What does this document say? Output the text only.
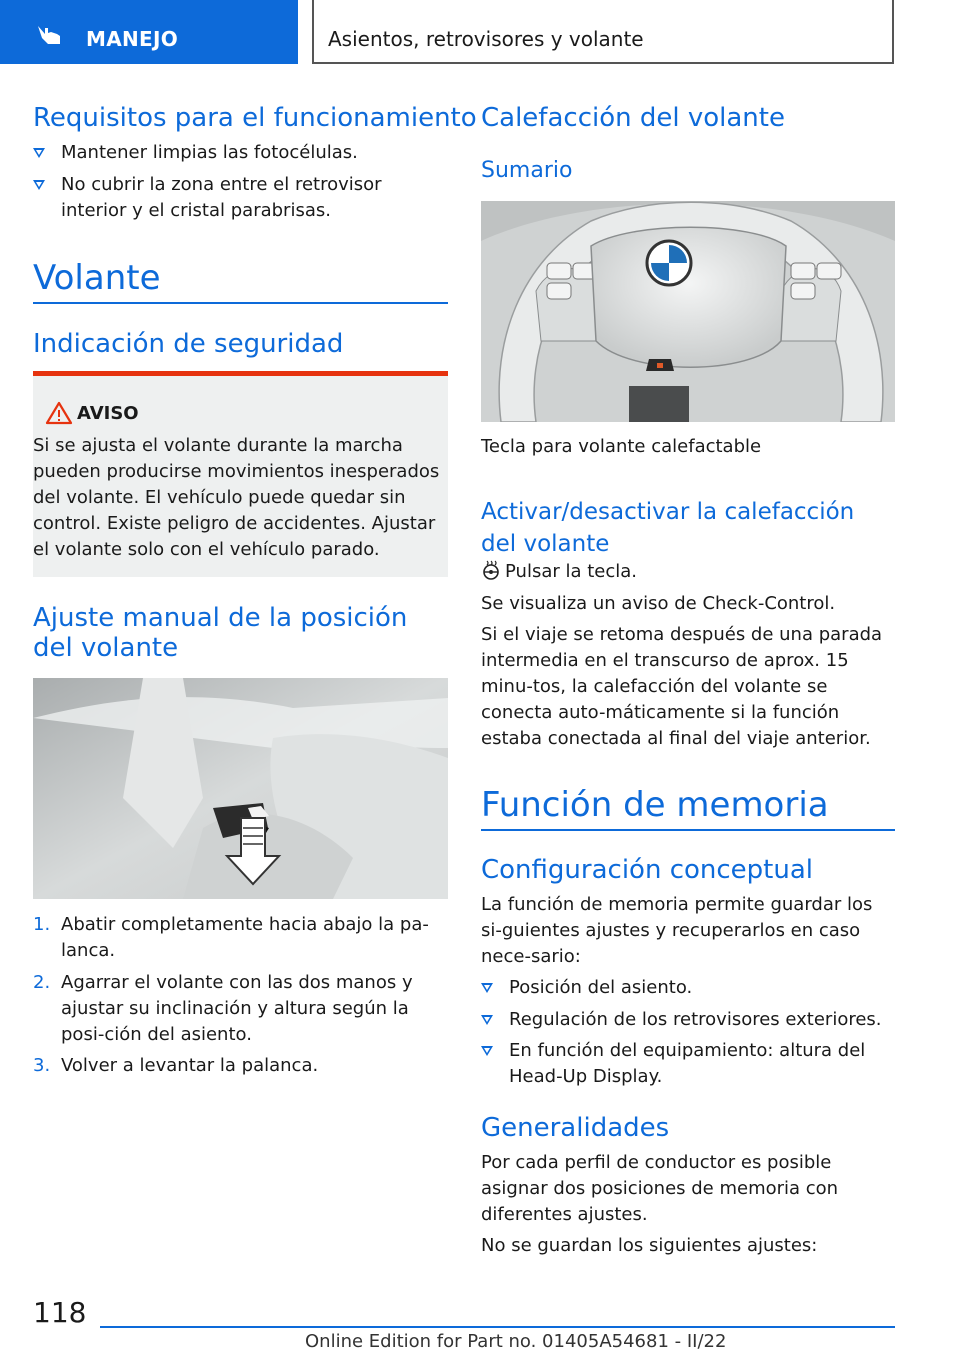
MANEJO	Asientos, retrovisores y volante
Requisitos para el funcionamiento
Mantener limpias las fotocélulas.
No cubrir la zona entre el retrovisor interior y el cristal parabrisas.
Volante
Indicación de seguridad
AVISO
Si se ajusta el volante durante la marcha pueden producirse movimientos inesperados del volante. El vehículo puede quedar sin control. Existe peligro de accidentes. Ajustar el volante solo con el vehículo parado.
Ajuste manual de la posición del volante
1. Abatir completamente hacia abajo la pa-lanca.
2. Agarrar el volante con las dos manos y ajustar su inclinación y altura según la posi-ción del asiento.
3. Volver a levantar la palanca.
Calefacción del volante
Sumario
Tecla para volante calefactable
Activar/desactivar la calefacción del volante
Pulsar la tecla.
Se visualiza un aviso de Check-Control.
Si el viaje se retoma después de una parada intermedia en el transcurso de aprox. 15 minu-tos, la calefacción del volante se conecta auto-máticamente si la función estaba conectada al final del viaje anterior.
Función de memoria
Configuración conceptual
La función de memoria permite guardar los si-guientes ajustes y recuperarlos en caso nece-sario:
Posición del asiento.
Regulación de los retrovisores exteriores.
En función del equipamiento: altura del Head-Up Display.
Generalidades
Por cada perfil de conductor es posible asignar dos posiciones de memoria con diferentes ajustes.
No se guardan los siguientes ajustes:
118
Online Edition for Part no. 01405A54681 - II/22
